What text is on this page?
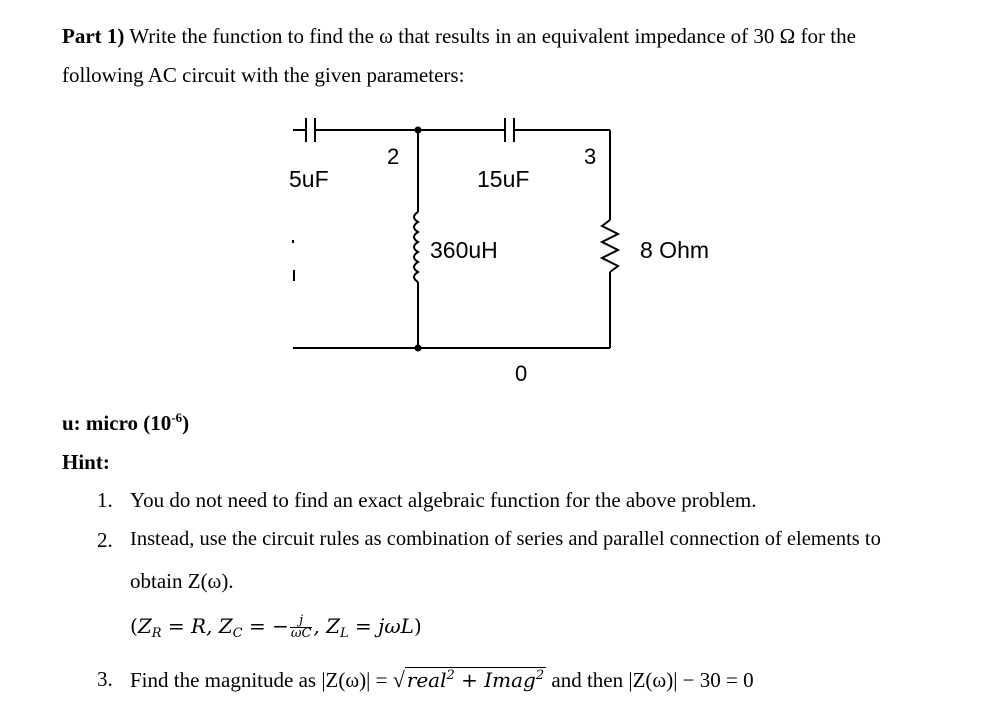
Part 1) Write the function to find the ω that results in an equivalent impedance of 30 Ω for the
following AC circuit with the given parameters:
5uF
2
15uF
3
360uH	8 Ohm
0
u: micro $(10^{-6})$
Hint:
1. You do not need to find an exact algebraic function for the above problem.
2. Instead, use the circuit rules as combination of series and parallel connection of elements to
obtain Z(ω).
($Z_R = R$, $Z_C$ = − $\frac{j}{\omega C}$ , $Z_L = j\omega L$)
3. Find the magnitude as |Z(ω)| = √ real$^2$ + Imag$^2$ and then |Z(ω)| − 30 = 0
